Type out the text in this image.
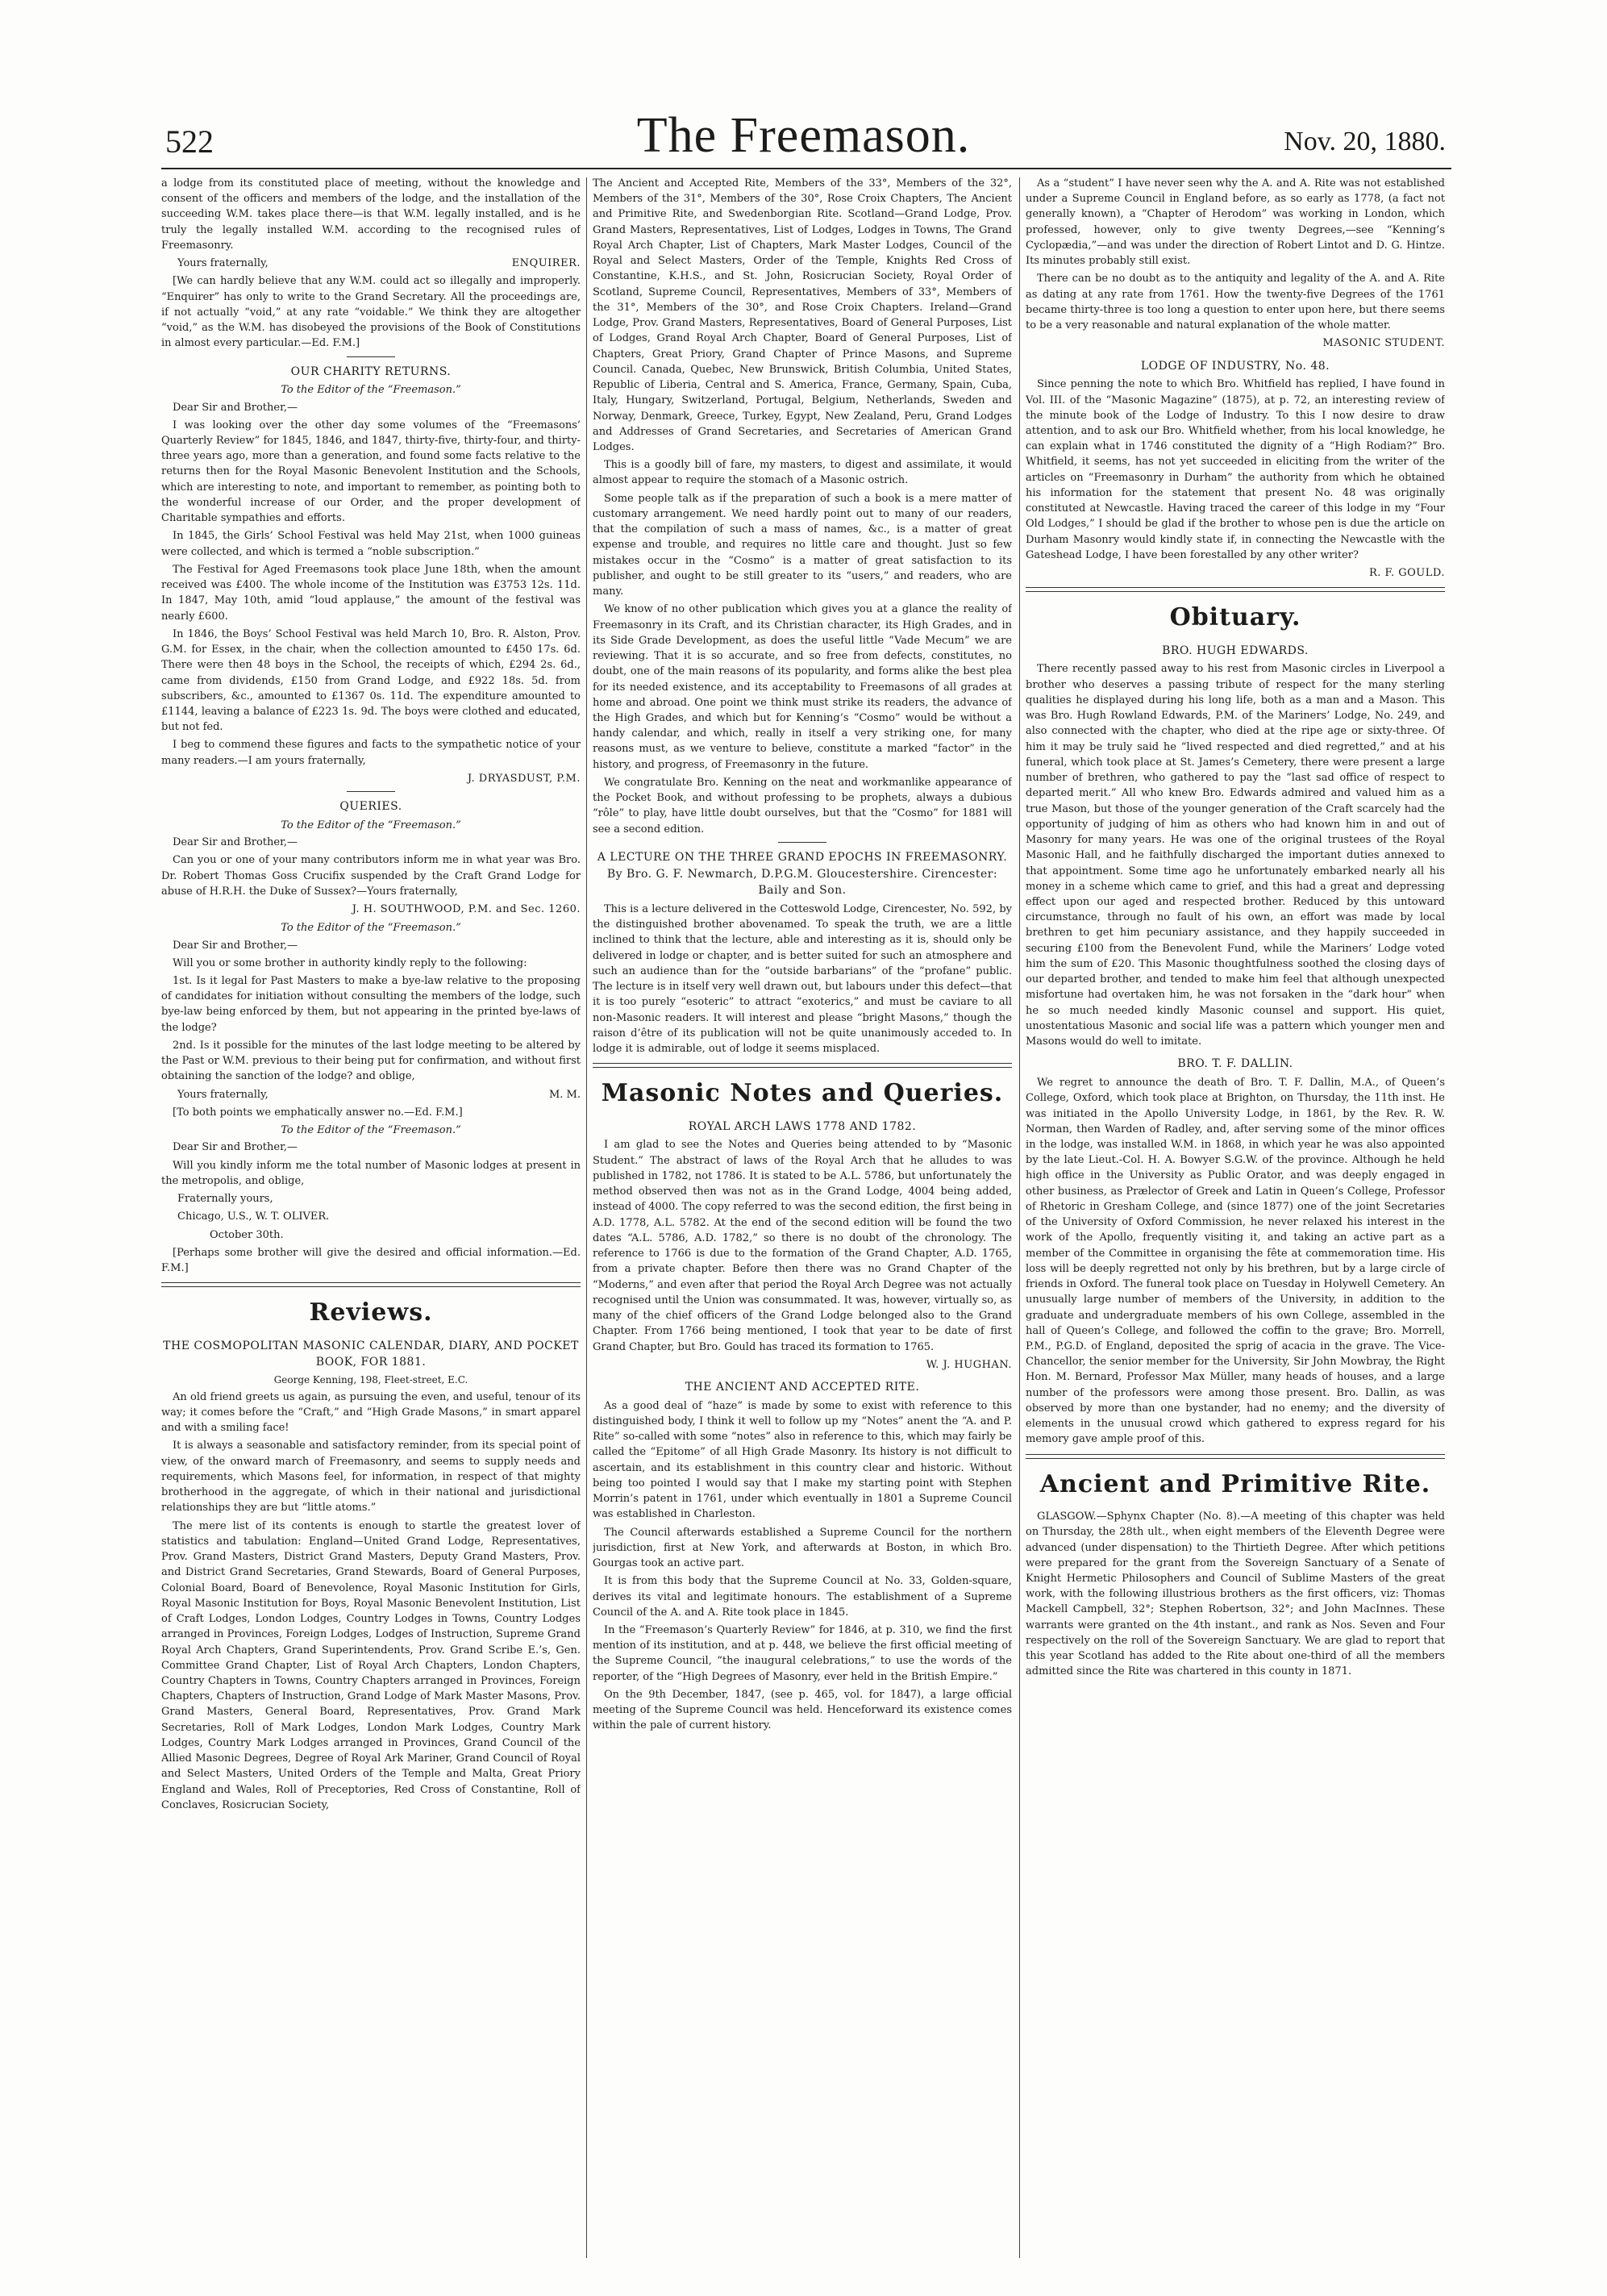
522	The Freemason.	Nov. 20, 1880.

a lodge from its constituted place of meeting, without the knowledge and consent of the officers and members of the lodge, and the installation of the succeeding W.M. takes place there—is that W.M. legally installed, and is he truly the legally installed W.M. according to the recognised rules of Freemasonry.

Yours fraternally,	ENQUIRER.

[We can hardly believe that any W.M. could act so illegally and improperly. “Enquirer” has only to write to the Grand Secretary. All the proceedings are, if not actually “void,” at any rate “voidable.” We think they are altogether “void,” as the W.M. has disobeyed the provisions of the Book of Constitutions in almost every particular.—Ed. F.M.]

OUR CHARITY RETURNS.

To the Editor of the “Freemason.”

Dear Sir and Brother,—

I was looking over the other day some volumes of the “Freemasons’ Quarterly Review” for 1845, 1846, and 1847, thirty-five, thirty-four, and thirty-three years ago, more than a generation, and found some facts relative to the returns then for the Royal Masonic Benevolent Institution and the Schools, which are interesting to note, and important to remember, as pointing both to the wonderful increase of our Order, and the proper development of Charitable sympathies and efforts.

In 1845, the Girls’ School Festival was held May 21st, when 1000 guineas were collected, and which is termed a “noble subscription.”

The Festival for Aged Freemasons took place June 18th, when the amount received was £400. The whole income of the Institution was £3753 12s. 11d. In 1847, May 10th, amid “loud applause,” the amount of the festival was nearly £600.

In 1846, the Boys’ School Festival was held March 10, Bro. R. Alston, Prov. G.M. for Essex, in the chair, when the collection amounted to £450 17s. 6d. There were then 48 boys in the School, the receipts of which, £294 2s. 6d., came from dividends, £150 from Grand Lodge, and £922 18s. 5d. from subscribers, &c., amounted to £1367 0s. 11d. The expenditure amounted to £1144, leaving a balance of £223 1s. 9d. The boys were clothed and educated, but not fed.

I beg to commend these figures and facts to the sympathetic notice of your many readers.—I am yours fraternally,

J. DRYASDUST, P.M.

QUERIES.

To the Editor of the “Freemason.”

Dear Sir and Brother,—

Can you or one of your many contributors inform me in what year was Bro. Dr. Robert Thomas Goss Crucifix suspended by the Craft Grand Lodge for abuse of H.R.H. the Duke of Sussex?—Yours fraternally,

J. H. SOUTHWOOD, P.M. and Sec. 1260.

To the Editor of the “Freemason.”

Dear Sir and Brother,—

Will you or some brother in authority kindly reply to the following:

1st. Is it legal for Past Masters to make a bye-law relative to the proposing of candidates for initiation without consulting the members of the lodge, such bye-law being enforced by them, but not appearing in the printed bye-laws of the lodge?

2nd. Is it possible for the minutes of the last lodge meeting to be altered by the Past or W.M. previous to their being put for confirmation, and without first obtaining the sanction of the lodge? and oblige,

Yours fraternally,	M. M.

[To both points we emphatically answer no.—Ed. F.M.]

To the Editor of the “Freemason.”

Dear Sir and Brother,—

Will you kindly inform me the total number of Masonic lodges at present in the metropolis, and oblige,

Fraternally yours,

Chicago, U.S., W. T. OLIVER.

October 30th.

[Perhaps some brother will give the desired and official information.—Ed. F.M.]

Reviews.

THE COSMOPOLITAN MASONIC CALENDAR, DIARY, AND POCKET BOOK, FOR 1881.

George Kenning, 198, Fleet-street, E.C.

An old friend greets us again, as pursuing the even, and useful, tenour of its way; it comes before the “Craft,” and “High Grade Masons,” in smart apparel and with a smiling face!

It is always a seasonable and satisfactory reminder, from its special point of view, of the onward march of Freemasonry, and seems to supply needs and requirements, which Masons feel, for information, in respect of that mighty brotherhood in the aggregate, of which in their national and jurisdictional relationships they are but “little atoms.”

The mere list of its contents is enough to startle the greatest lover of statistics and tabulation: England—United Grand Lodge, Representatives, Prov. Grand Masters, District Grand Masters, Deputy Grand Masters, Prov. and District Grand Secretaries, Grand Stewards, Board of General Purposes, Colonial Board, Board of Benevolence, Royal Masonic Institution for Girls, Royal Masonic Institution for Boys, Royal Masonic Benevolent Institution, List of Craft Lodges, London Lodges, Country Lodges in Towns, Country Lodges arranged in Provinces, Foreign Lodges, Lodges of Instruction, Supreme Grand Royal Arch Chapters, Grand Superintendents, Prov. Grand Scribe E.’s, Gen. Committee Grand Chapter, List of Royal Arch Chapters, London Chapters, Country Chapters in Towns, Country Chapters arranged in Provinces, Foreign Chapters, Chapters of Instruction, Grand Lodge of Mark Master Masons, Prov. Grand Masters, General Board, Representatives, Prov. Grand Mark Secretaries, Roll of Mark Lodges, London Mark Lodges, Country Mark Lodges, Country Mark Lodges arranged in Provinces, Grand Council of the Allied Masonic Degrees, Degree of Royal Ark Mariner, Grand Council of Royal and Select Masters, United Orders of the Temple and Malta, Great Priory England and Wales, Roll of Preceptories, Red Cross of Constantine, Roll of Conclaves, Rosicrucian Society,

The Ancient and Accepted Rite, Members of the 33°, Members of the 32°, Members of the 31°, Members of the 30°, Rose Croix Chapters, The Ancient and Primitive Rite, and Swedenborgian Rite. Scotland—Grand Lodge, Prov. Grand Masters, Representatives, List of Lodges, Lodges in Towns, The Grand Royal Arch Chapter, List of Chapters, Mark Master Lodges, Council of the Royal and Select Masters, Order of the Temple, Knights Red Cross of Constantine, K.H.S., and St. John, Rosicrucian Society, Royal Order of Scotland, Supreme Council, Representatives, Members of 33°, Members of the 31°, Members of the 30°, and Rose Croix Chapters. Ireland—Grand Lodge, Prov. Grand Masters, Representatives, Board of General Purposes, List of Lodges, Grand Royal Arch Chapter, Board of General Purposes, List of Chapters, Great Priory, Grand Chapter of Prince Masons, and Supreme Council. Canada, Quebec, New Brunswick, British Columbia, United States, Republic of Liberia, Central and S. America, France, Germany, Spain, Cuba, Italy, Hungary, Switzerland, Portugal, Belgium, Netherlands, Sweden and Norway, Denmark, Greece, Turkey, Egypt, New Zealand, Peru, Grand Lodges and Addresses of Grand Secretaries, and Secretaries of American Grand Lodges.

This is a goodly bill of fare, my masters, to digest and assimilate, it would almost appear to require the stomach of a Masonic ostrich.

Some people talk as if the preparation of such a book is a mere matter of customary arrangement. We need hardly point out to many of our readers, that the compilation of such a mass of names, &c., is a matter of great expense and trouble, and requires no little care and thought. Just so few mistakes occur in the “Cosmo” is a matter of great satisfaction to its publisher, and ought to be still greater to its “users,” and readers, who are many.

We know of no other publication which gives you at a glance the reality of Freemasonry in its Craft, and its Christian character, its High Grades, and in its Side Grade Development, as does the useful little “Vade Mecum” we are reviewing. That it is so accurate, and so free from defects, constitutes, no doubt, one of the main reasons of its popularity, and forms alike the best plea for its needed existence, and its acceptability to Freemasons of all grades at home and abroad. One point we think must strike its readers, the advance of the High Grades, and which but for Kenning’s “Cosmo” would be without a handy calendar, and which, really in itself a very striking one, for many reasons must, as we venture to believe, constitute a marked “factor” in the history, and progress, of Freemasonry in the future.

We congratulate Bro. Kenning on the neat and workmanlike appearance of the Pocket Book, and without professing to be prophets, always a dubious “rôle” to play, have little doubt ourselves, but that the “Cosmo” for 1881 will see a second edition.

A LECTURE ON THE THREE GRAND EPOCHS IN FREEMASONRY. By Bro. G. F. Newmarch, D.P.G.M. Gloucestershire. Cirencester: Baily and Son.

This is a lecture delivered in the Cotteswold Lodge, Cirencester, No. 592, by the distinguished brother abovenamed. To speak the truth, we are a little inclined to think that the lecture, able and interesting as it is, should only be delivered in lodge or chapter, and is better suited for such an atmosphere and such an audience than for the “outside barbarians” of the “profane” public. The lecture is in itself very well drawn out, but labours under this defect—that it is too purely “esoteric” to attract “exoterics,” and must be caviare to all non-Masonic readers. It will interest and please “bright Masons,” though the raison d’être of its publication will not be quite unanimously acceded to. In lodge it is admirable, out of lodge it seems misplaced.

Masonic Notes and Queries.

ROYAL ARCH LAWS 1778 AND 1782.

I am glad to see the Notes and Queries being attended to by “Masonic Student.” The abstract of laws of the Royal Arch that he alludes to was published in 1782, not 1786. It is stated to be A.L. 5786, but unfortunately the method observed then was not as in the Grand Lodge, 4004 being added, instead of 4000. The copy referred to was the second edition, the first being in A.D. 1778, A.L. 5782. At the end of the second edition will be found the two dates “A.L. 5786, A.D. 1782,” so there is no doubt of the chronology. The reference to 1766 is due to the formation of the Grand Chapter, A.D. 1765, from a private chapter. Before then there was no Grand Chapter of the “Moderns,” and even after that period the Royal Arch Degree was not actually recognised until the Union was consummated. It was, however, virtually so, as many of the chief officers of the Grand Lodge belonged also to the Grand Chapter. From 1766 being mentioned, I took that year to be date of first Grand Chapter, but Bro. Gould has traced its formation to 1765.

W. J. HUGHAN.

THE ANCIENT AND ACCEPTED RITE.

As a good deal of “haze” is made by some to exist with reference to this distinguished body, I think it well to follow up my “Notes” anent the “A. and P. Rite” so-called with some “notes” also in reference to this, which may fairly be called the “Epitome” of all High Grade Masonry. Its history is not difficult to ascertain, and its establishment in this country clear and historic. Without being too pointed I would say that I make my starting point with Stephen Morrin’s patent in 1761, under which eventually in 1801 a Supreme Council was established in Charleston.

The Council afterwards established a Supreme Council for the northern jurisdiction, first at New York, and afterwards at Boston, in which Bro. Gourgas took an active part.

It is from this body that the Supreme Council at No. 33, Golden-square, derives its vital and legitimate honours. The establishment of a Supreme Council of the A. and A. Rite took place in 1845.

In the “Freemason’s Quarterly Review” for 1846, at p. 310, we find the first mention of its institution, and at p. 448, we believe the first official meeting of the Supreme Council, “the inaugural celebrations,” to use the words of the reporter, of the “High Degrees of Masonry, ever held in the British Empire.”

On the 9th December, 1847, (see p. 465, vol. for 1847), a large official meeting of the Supreme Council was held. Henceforward its existence comes within the pale of current history.

As a “student” I have never seen why the A. and A. Rite was not established under a Supreme Council in England before, as so early as 1778, (a fact not generally known), a “Chapter of Herodom” was working in London, which professed, however, only to give twenty Degrees,—see “Kenning’s Cyclopædia,”—and was under the direction of Robert Lintot and D. G. Hintze. Its minutes probably still exist.

There can be no doubt as to the antiquity and legality of the A. and A. Rite as dating at any rate from 1761. How the twenty-five Degrees of the 1761 became thirty-three is too long a question to enter upon here, but there seems to be a very reasonable and natural explanation of the whole matter.

MASONIC STUDENT.

LODGE OF INDUSTRY, No. 48.

Since penning the note to which Bro. Whitfield has replied, I have found in Vol. III. of the “Masonic Magazine” (1875), at p. 72, an interesting review of the minute book of the Lodge of Industry. To this I now desire to draw attention, and to ask our Bro. Whitfield whether, from his local knowledge, he can explain what in 1746 constituted the dignity of a “High Rodiam?” Bro. Whitfield, it seems, has not yet succeeded in eliciting from the writer of the articles on “Freemasonry in Durham” the authority from which he obtained his information for the statement that present No. 48 was originally constituted at Newcastle. Having traced the career of this lodge in my “Four Old Lodges,” I should be glad if the brother to whose pen is due the article on Durham Masonry would kindly state if, in connecting the Newcastle with the Gateshead Lodge, I have been forestalled by any other writer?

R. F. GOULD.

Obituary.

BRO. HUGH EDWARDS.

There recently passed away to his rest from Masonic circles in Liverpool a brother who deserves a passing tribute of respect for the many sterling qualities he displayed during his long life, both as a man and a Mason. This was Bro. Hugh Rowland Edwards, P.M. of the Mariners’ Lodge, No. 249, and also connected with the chapter, who died at the ripe age or sixty-three. Of him it may be truly said he “lived respected and died regretted,” and at his funeral, which took place at St. James’s Cemetery, there were present a large number of brethren, who gathered to pay the “last sad office of respect to departed merit.” All who knew Bro. Edwards admired and valued him as a true Mason, but those of the younger generation of the Craft scarcely had the opportunity of judging of him as others who had known him in and out of Masonry for many years. He was one of the original trustees of the Royal Masonic Hall, and he faithfully discharged the important duties annexed to that appointment. Some time ago he unfortunately embarked nearly all his money in a scheme which came to grief, and this had a great and depressing effect upon our aged and respected brother. Reduced by this untoward circumstance, through no fault of his own, an effort was made by local brethren to get him pecuniary assistance, and they happily succeeded in securing £100 from the Benevolent Fund, while the Mariners’ Lodge voted him the sum of £20. This Masonic thoughtfulness soothed the closing days of our departed brother, and tended to make him feel that although unexpected misfortune had overtaken him, he was not forsaken in the “dark hour” when he so much needed kindly Masonic counsel and support. His quiet, unostentatious Masonic and social life was a pattern which younger men and Masons would do well to imitate.

BRO. T. F. DALLIN.

We regret to announce the death of Bro. T. F. Dallin, M.A., of Queen’s College, Oxford, which took place at Brighton, on Thursday, the 11th inst. He was initiated in the Apollo University Lodge, in 1861, by the Rev. R. W. Norman, then Warden of Radley, and, after serving some of the minor offices in the lodge, was installed W.M. in 1868, in which year he was also appointed by the late Lieut.-Col. H. A. Bowyer S.G.W. of the province. Although he held high office in the University as Public Orator, and was deeply engaged in other business, as Prælector of Greek and Latin in Queen’s College, Professor of Rhetoric in Gresham College, and (since 1877) one of the joint Secretaries of the University of Oxford Commission, he never relaxed his interest in the work of the Apollo, frequently visiting it, and taking an active part as a member of the Committee in organising the fête at commemoration time. His loss will be deeply regretted not only by his brethren, but by a large circle of friends in Oxford. The funeral took place on Tuesday in Holywell Cemetery. An unusually large number of members of the University, in addition to the graduate and undergraduate members of his own College, assembled in the hall of Queen’s College, and followed the coffin to the grave; Bro. Morrell, P.M., P.G.D. of England, deposited the sprig of acacia in the grave. The Vice-Chancellor, the senior member for the University, Sir John Mowbray, the Right Hon. M. Bernard, Professor Max Müller, many heads of houses, and a large number of the professors were among those present. Bro. Dallin, as was observed by more than one bystander, had no enemy; and the diversity of elements in the unusual crowd which gathered to express regard for his memory gave ample proof of this.

Ancient and Primitive Rite.

GLASGOW.—Sphynx Chapter (No. 8).—A meeting of this chapter was held on Thursday, the 28th ult., when eight members of the Eleventh Degree were advanced (under dispensation) to the Thirtieth Degree. After which petitions were prepared for the grant from the Sovereign Sanctuary of a Senate of Knight Hermetic Philosophers and Council of Sublime Masters of the great work, with the following illustrious brothers as the first officers, viz: Thomas Mackell Campbell, 32°; Stephen Robertson, 32°; and John MacInnes. These warrants were granted on the 4th instant., and rank as Nos. Seven and Four respectively on the roll of the Sovereign Sanctuary. We are glad to report that this year Scotland has added to the Rite about one-third of all the members admitted since the Rite was chartered in this county in 1871.
